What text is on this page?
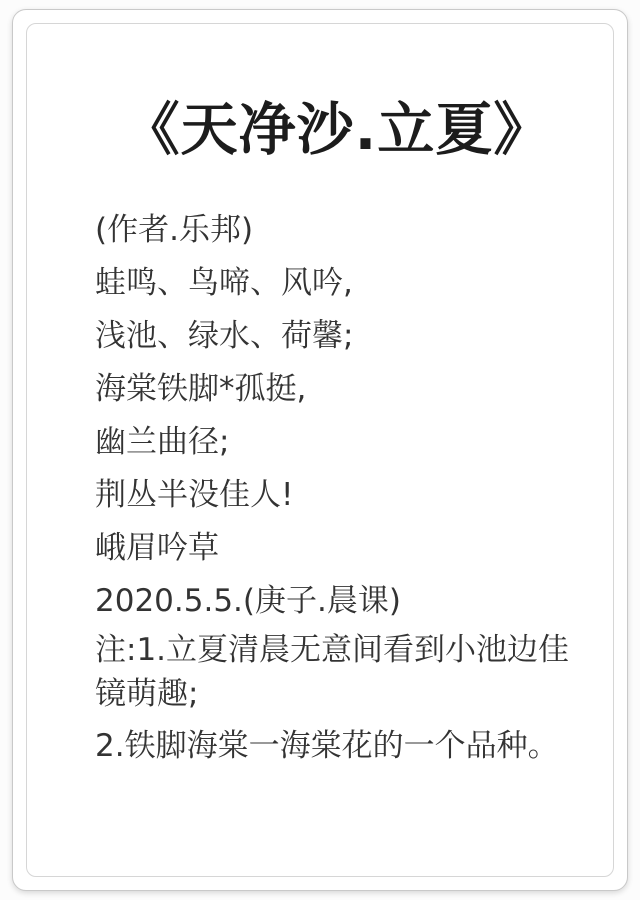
《天净沙.立夏》
(作者.乐邦)
蛙鸣、鸟啼、风吟,
浅池、绿水、荷馨;
海棠铁脚*孤挺,
幽兰曲径;
荆丛半没佳人!
峨眉吟草
2020.5.5.(庚子.晨课)
注:1.立夏清晨无意间看到小池边佳
镜萌趣;
2.铁脚海棠一海棠花的一个品种。
